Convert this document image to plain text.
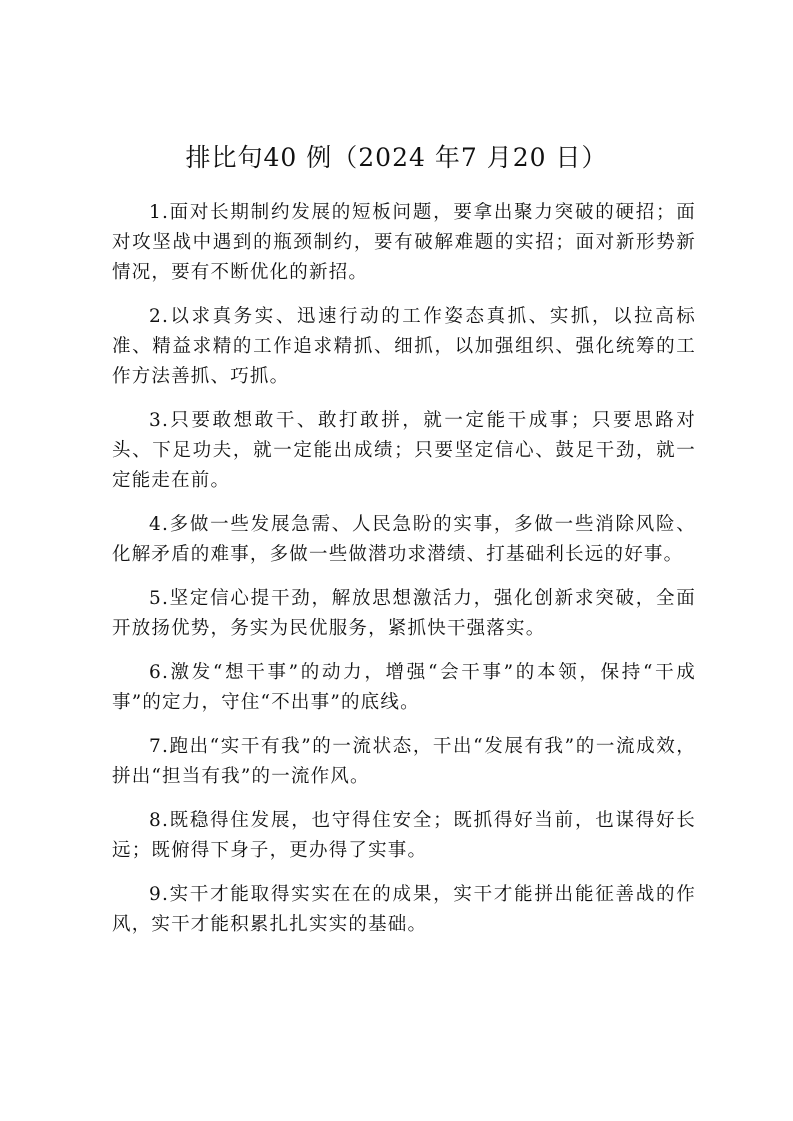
排比句40 例（2024 年7 月20 日）

1.面对长期制约发展的短板问题，要拿出聚力突破的硬招；面对攻坚战中遇到的瓶颈制约，要有破解难题的实招；面对新形势新情况，要有不断优化的新招。

2.以求真务实、迅速行动的工作姿态真抓、实抓，以拉高标准、精益求精的工作追求精抓、细抓，以加强组织、强化统筹的工作方法善抓、巧抓。

3.只要敢想敢干、敢打敢拼，就一定能干成事；只要思路对头、下足功夫，就一定能出成绩；只要坚定信心、鼓足干劲，就一定能走在前。

4.多做一些发展急需、人民急盼的实事，多做一些消除风险、化解矛盾的难事，多做一些做潜功求潜绩、打基础利长远的好事。

5.坚定信心提干劲，解放思想激活力，强化创新求突破，全面开放扬优势，务实为民优服务，紧抓快干强落实。

6.激发“想干事”的动力，增强“会干事”的本领，保持“干成事”的定力，守住“不出事”的底线。

7.跑出“实干有我”的一流状态，干出“发展有我”的一流成效，拼出“担当有我”的一流作风。

8.既稳得住发展，也守得住安全；既抓得好当前，也谋得好长远；既俯得下身子，更办得了实事。

9.实干才能取得实实在在的成果，实干才能拼出能征善战的作风，实干才能积累扎扎实实的基础。
